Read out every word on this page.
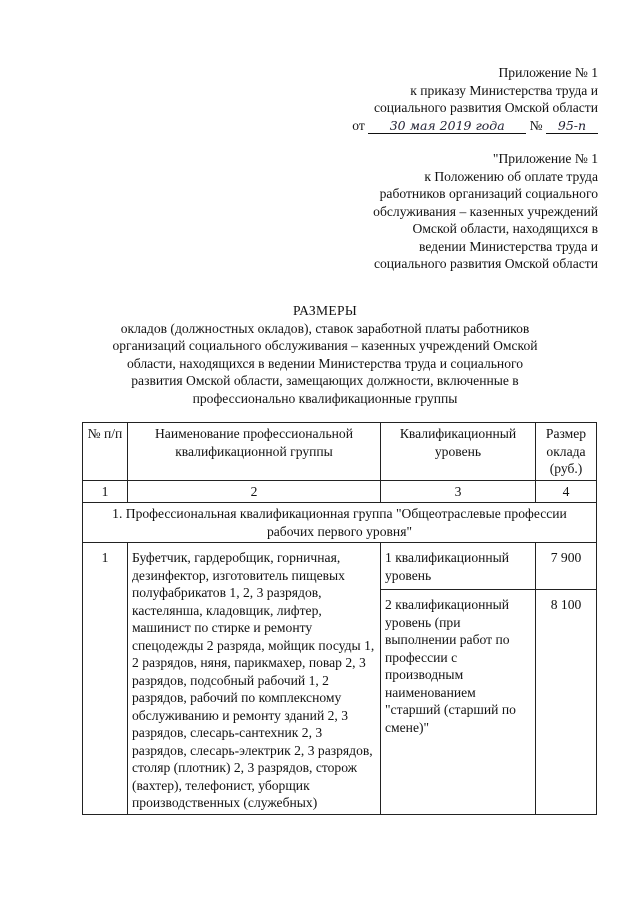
Приложение № 1
к приказу Министерства труда и
социального развития Омской области
от 30 мая 2019 года № 95-п
"Приложение № 1
к Положению об оплате труда
работников организаций социального
обслуживания – казенных учреждений
Омской области, находящихся в
ведении Министерства труда и
социального развития Омской области
РАЗМЕРЫ
окладов (должностных окладов), ставок заработной платы работников
организаций социального обслуживания – казенных учреждений Омской
области, находящихся в ведении Министерства труда и социального
развития Омской области, замещающих должности, включенные в
профессионально квалификационные группы
№ п/п	Наименование профессиональной квалификационной группы	Квалификационный уровень	Размер оклада (руб.)
1	2	3	4
1. Профессиональная квалификационная группа "Общеотраслевые профессии рабочих первого уровня"			
1	Буфетчик, гардеробщик, горничная, дезинфектор, изготовитель пищевых полуфабрикатов 1, 2, 3 разрядов, кастелянша, кладовщик, лифтер, машинист по стирке и ремонту спецодежды 2 разряда, мойщик посуды 1, 2 разрядов, няня, парикмахер, повар 2, 3 разрядов, подсобный рабочий 1, 2 разрядов, рабочий по комплексному обслуживанию и ремонту зданий 2, 3 разрядов, слесарь-сантехник 2, 3 разрядов, слесарь-электрик 2, 3 разрядов, столяр (плотник) 2, 3 разрядов, сторож (вахтер), телефонист, уборщик производственных (служебных)	1 квалификационный уровень	7 900
		2 квалификационный уровень (при выполнении работ по профессии с производным наименованием "старший (старший по смене)"	8 100
